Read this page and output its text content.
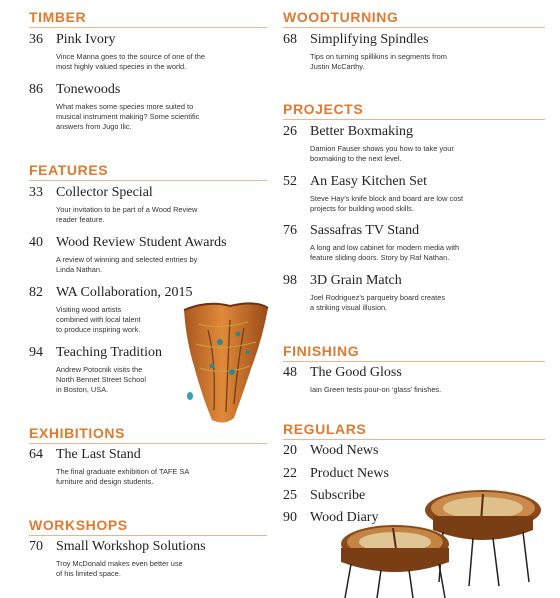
TIMBER
36 Pink Ivory
Vince Manna goes to the source of one of the
most highly valued species in the world.
86 Tonewoods
What makes some species more suited to
musical instrument making? Some scientific
answers from Jugo Ilic.
FEATURES
33 Collector Special
Your invitation to be part of a Wood Review
reader feature.
40 Wood Review Student Awards
A review of winning and selected entries by
Linda Nathan.
82 WA Collaboration, 2015
Visiting wood artists
combined with local talent
to produce inspiring work.
94 Teaching Tradition
Andrew Potocnik visits the
North Bennet Street School
in Boston, USA.
EXHIBITIONS
64 The Last Stand
The final graduate exhibition of TAFE SA
furniture and design students.
WORKSHOPS
70 Small Workshop Solutions
Troy McDonald makes even better use
of his limited space.
WOODTURNING
68 Simplifying Spindles
Tips on turning spillikins in segments from
Justin McCarthy.
PROJECTS
26 Better Boxmaking
Damion Fauser shows you how to take your
boxmaking to the next level.
52 An Easy Kitchen Set
Steve Hay’s knife block and board are low cost
projects for building wood skills.
76 Sassafras TV Stand
A long and low cabinet for modern media with
feature sliding doors. Story by Raf Nathan.
98 3D Grain Match
Joel Rodriguez’s parquetry board creates
a striking visual illusion.
FINISHING
48 The Good Gloss
Iain Green tests pour-on ‘glass’ finishes.
REGULARS
20 Wood News
22 Product News
25 Subscribe
90 Wood Diary
